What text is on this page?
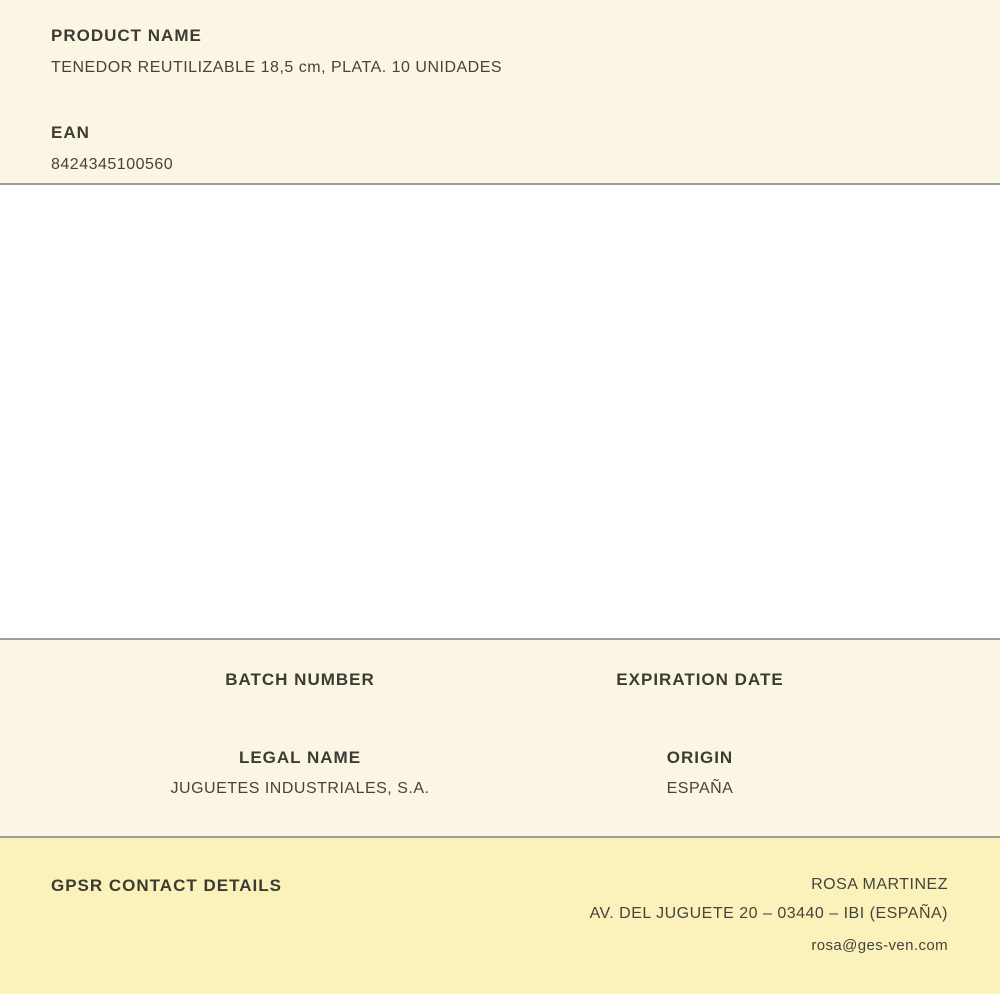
PRODUCT NAME
TENEDOR REUTILIZABLE 18,5 cm, PLATA. 10 UNIDADES
EAN
8424345100560
BATCH NUMBER	EXPIRATION DATE
LEGAL NAME
JUGUETES INDUSTRIALES, S.A.
ORIGIN
ESPAÑA
GPSR CONTACT DETAILS	ROSA MARTINEZ
AV. DEL JUGUETE 20 – 03440 – IBI (ESPAÑA)
rosa@ges-ven.com
